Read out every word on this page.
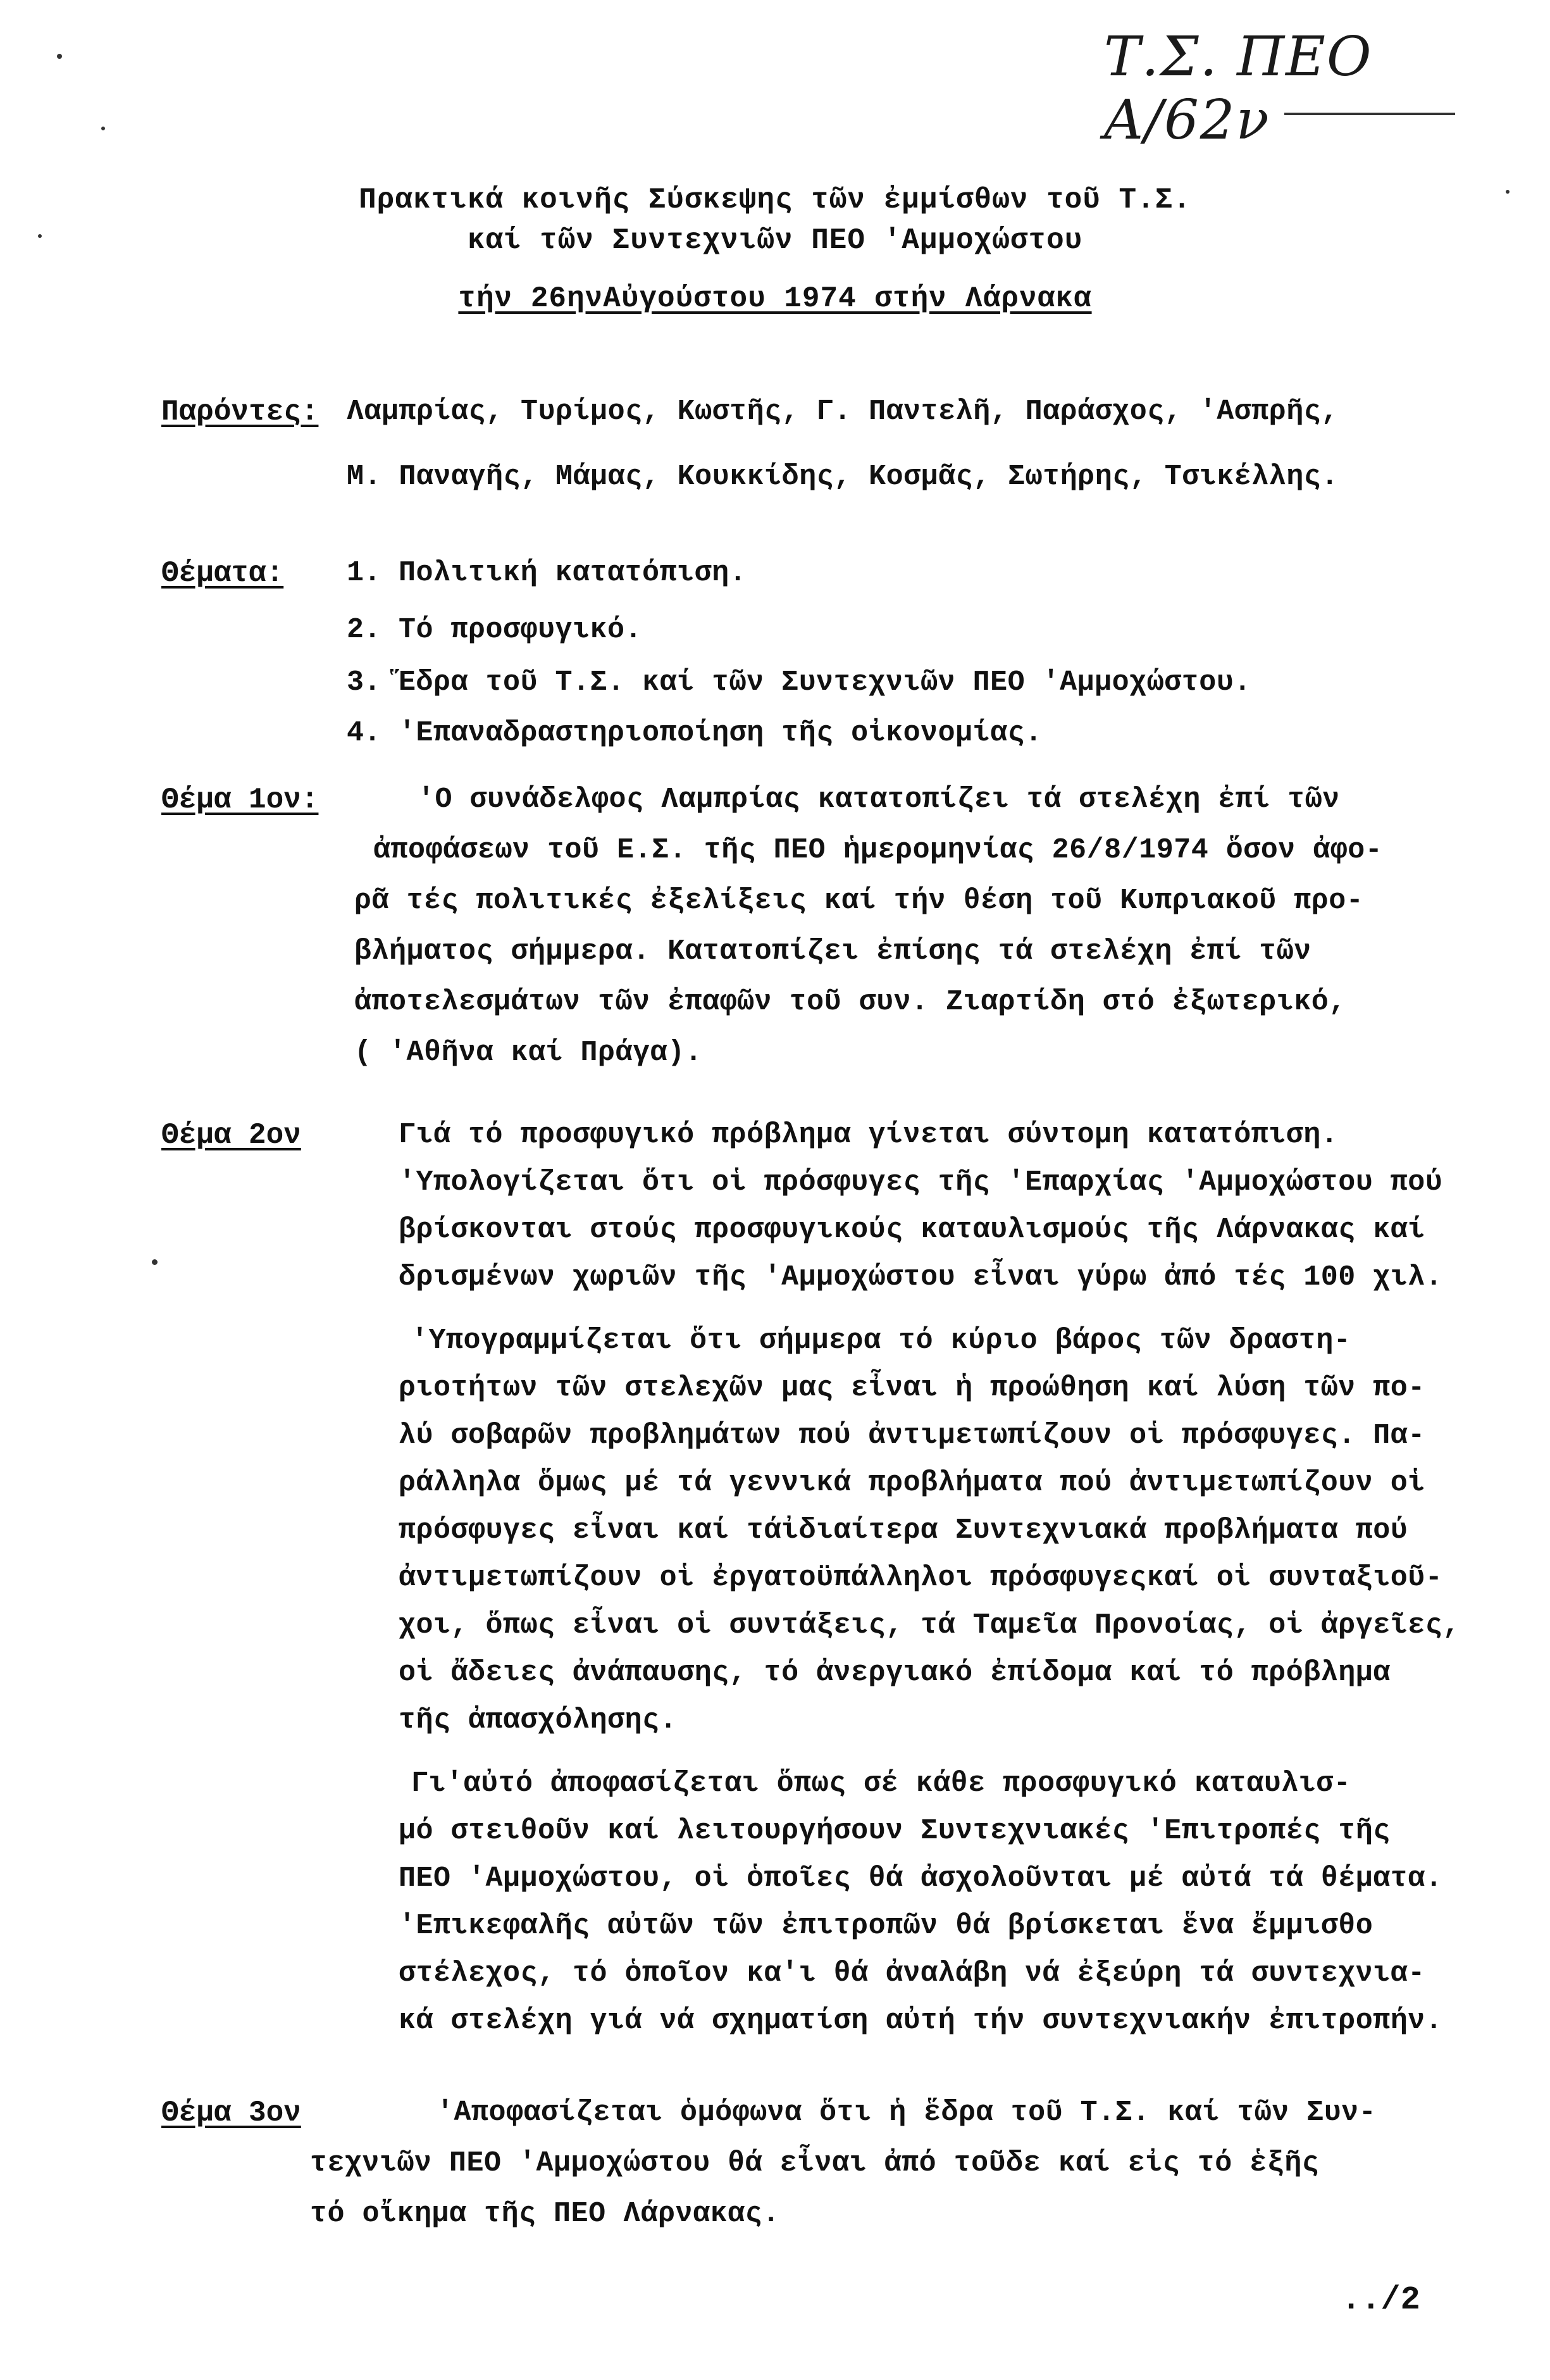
Τ.Σ. ΠΕΟ Α/62ν
Πρακτικά κοινῆς Σύσκεψης τῶν ἐμμίσθων τοῦ Τ.Σ.
καί τῶν Συντεχνιῶν ΠΕΟ 'Αμμοχώστου
τήν 26ηνΑὐγούστου 1974 στήν Λάρνακα
Παρόντες: Λαμπρίας, Τυρίμος, Κωστῆς, Γ. Παντελῆ, Παράσχος, 'Ασπρῆς,
Μ. Παναγῆς, Μάμας, Κουκκίδης, Κοσμᾶς, Σωτήρης, Τσικέλλης.
Θέματα: 1. Πολιτική κατατόπιση.
2. Τό προσφυγικό.
3. Ἕδρα τοῦ Τ.Σ. καί τῶν Συντεχνιῶν ΠΕΟ 'Αμμοχώστου.
4. 'Επαναδραστηριοποίηση τῆς οἰκονομίας.
Θέμα 1ον:	'Ο συνάδελφος Λαμπρίας κατατοπίζει τά στελέχη ἐπί τῶν
ἀποφάσεων τοῦ Ε.Σ. τῆς ΠΕΟ ἡμερομηνίας 26/8/1974 ὅσον ἀφο-
ρᾶ τές πολιτικές ἐξελίξεις καί τήν θέση τοῦ Κυπριακοῦ προ-
βλήματος σήμμερα. Κατατοπίζει ἐπίσης τά στελέχη ἐπί τῶν
ἀποτελεσμάτων τῶν ἐπαφῶν τοῦ συν. Ζιαρτίδη στό ἐξωτερικό,
( 'Αθῆνα καί Πράγα).
Θέμα 2ον	Γιά τό προσφυγικό πρόβλημα γίνεται σύντομη κατατόπιση.
'Υπολογίζεται ὅτι οἱ πρόσφυγες τῆς 'Επαρχίας 'Αμμοχώστου πού
βρίσκονται στούς προσφυγικούς καταυλισμούς τῆς Λάρνακας καί
δρισμένων χωριῶν τῆς 'Αμμοχώστου εἶναι γύρω ἀπό τές 100 χιλ.
'Υπογραμμίζεται ὅτι σήμμερα τό κύριο βάρος τῶν δραστη-
ριοτήτων τῶν στελεχῶν μας εἶναι ἡ προώθηση καί λύση τῶν πο-
λύ σοβαρῶν προβλημάτων πού ἀντιμετωπίζουν οἱ πρόσφυγες. Πα-
ράλληλα ὅμως μέ τά γεννικά προβλήματα πού ἀντιμετωπίζουν οἱ
πρόσφυγες εἶναι καί τάἰδιαίτερα Συντεχνιακά προβλήματα πού
ἀντιμετωπίζουν οἱ ἐργατοϋπάλληλοι πρόσφυγεςκαί οἱ συνταξιοῦ-
χοι, ὅπως εἶναι οἱ συντάξεις, τά Ταμεῖα Προνοίας, οἱ ἀργεῖες,
οἱ ἄδειες ἀνάπαυσης, τό ἀνεργιακό ἐπίδομα καί τό πρόβλημα
τῆς ἀπασχόλησης.
Γι'αὐτό ἀποφασίζεται ὅπως σέ κάθε προσφυγικό καταυλισ-
μό στειθοῦν καί λειτουργήσουν Συντεχνιακές 'Επιτροπές τῆς
ΠΕΟ 'Αμμοχώστου, οἱ ὁποῖες θά ἀσχολοῦνται μέ αὐτά τά θέματα.
'Επικεφαλῆς αὐτῶν τῶν ἐπιτροπῶν θά βρίσκεται ἕνα ἔμμισθο
στέλεχος, τό ὁποῖον κα'ι θά ἀναλάβη νά ἐξεύρη τά συντεχνια-
κά στελέχη γιά νά σχηματίση αὐτή τήν συντεχνιακήν ἐπιτροπήν.
Θέμα 3ον	'Αποφασίζεται ὁμόφωνα ὅτι ἡ ἕδρα τοῦ Τ.Σ. καί τῶν Συν-
τεχνιῶν ΠΕΟ 'Αμμοχώστου θά εἶναι ἀπό τοῦδε καί εἰς τό ἑξῆς
τό οἴκημα τῆς ΠΕΟ Λάρνακας.
../2
